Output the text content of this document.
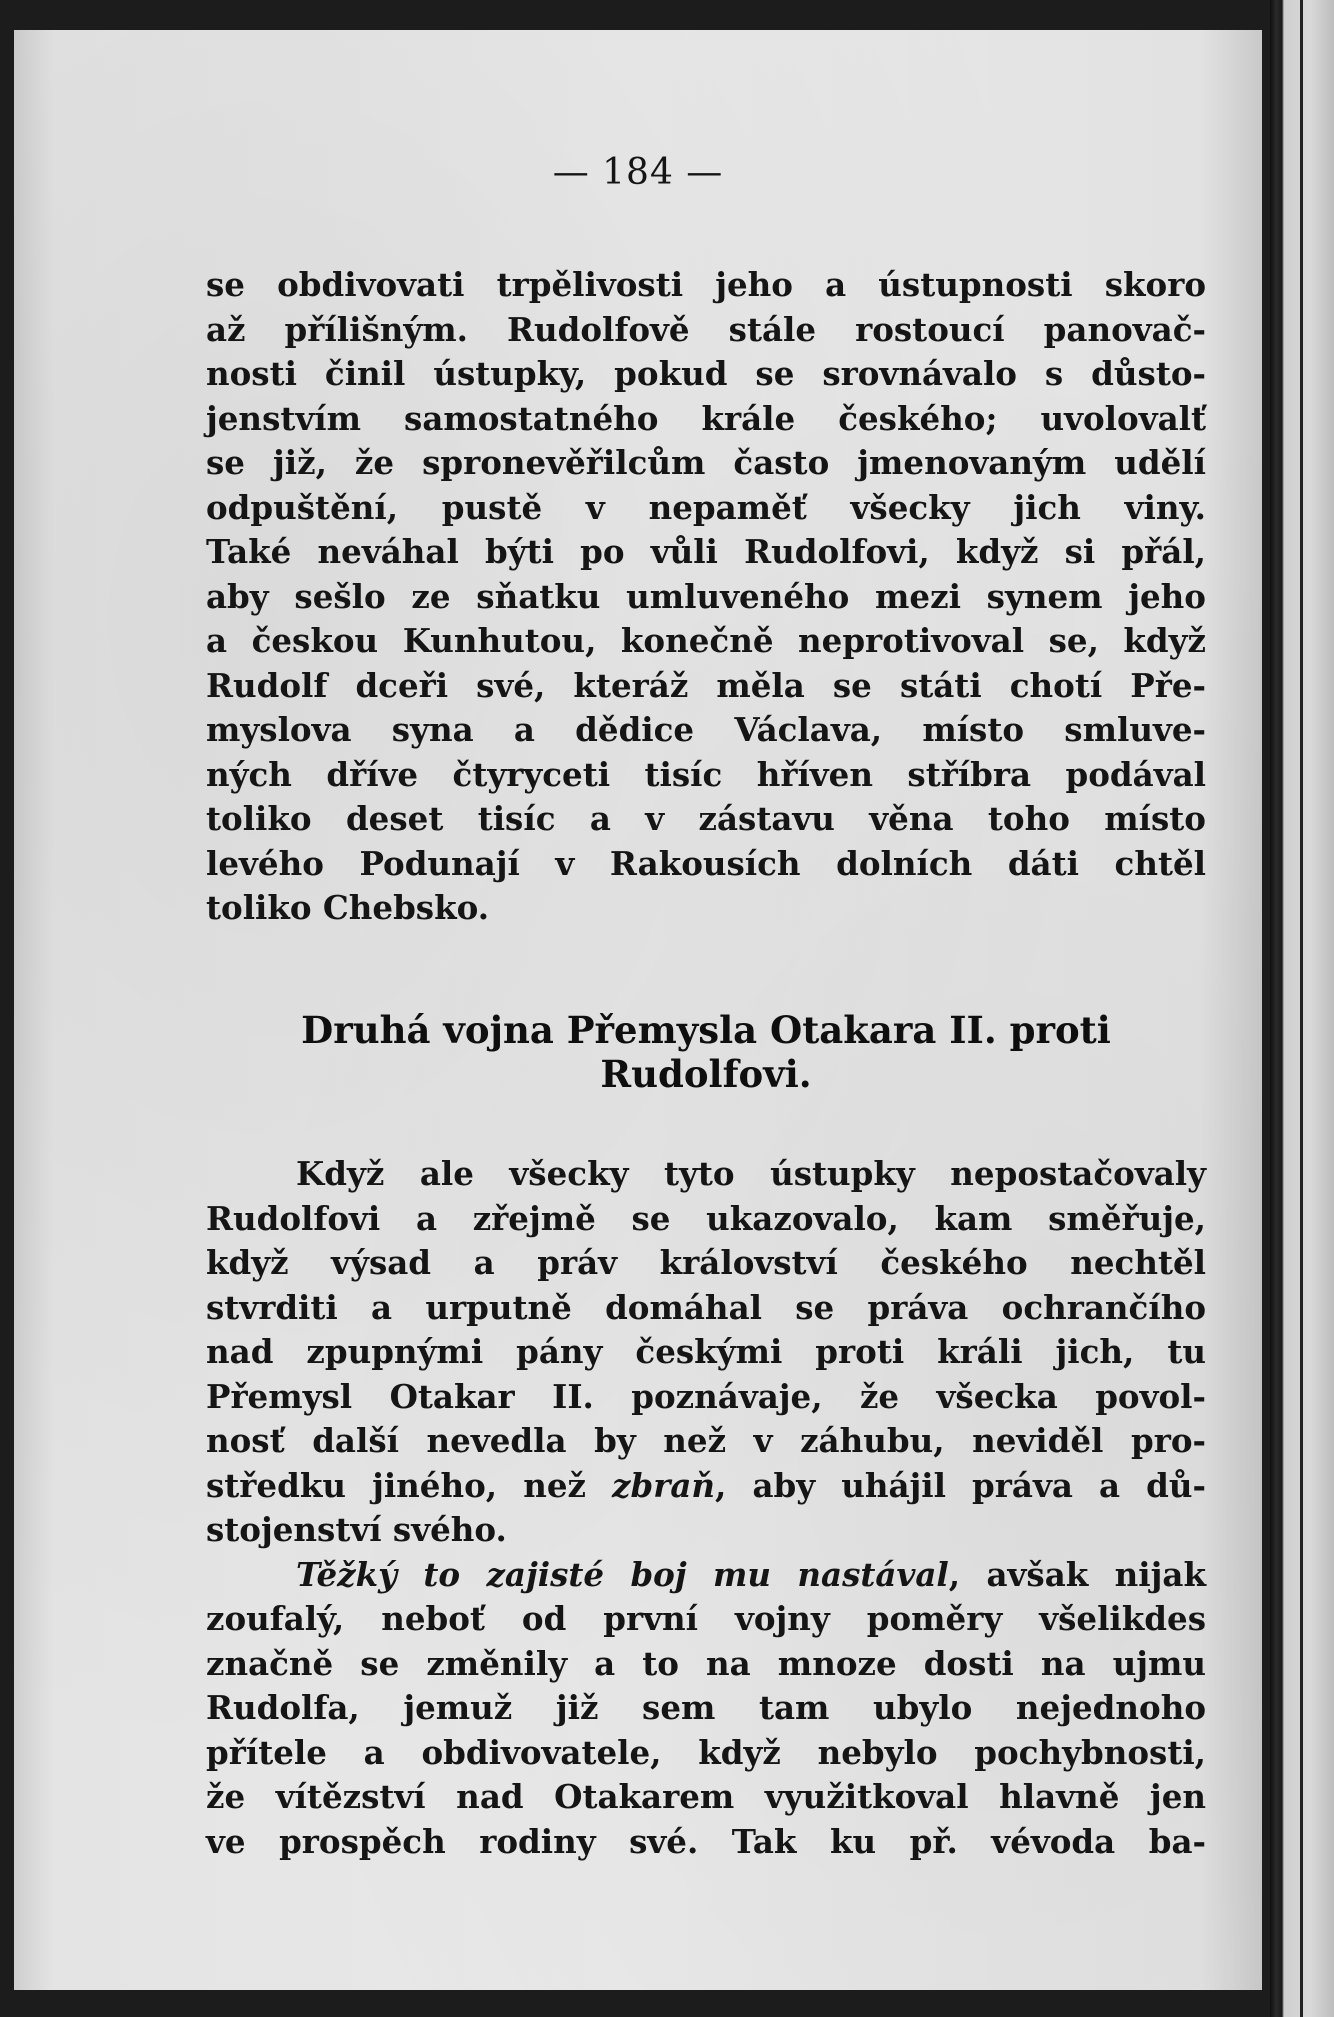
— 184 —
se obdivovati trpělivosti jeho a ústupnosti skoro
až přílišným. Rudolfově stále rostoucí panovač-
nosti činil ústupky, pokud se srovnávalo s důsto-
jenstvím samostatného krále českého; uvolovalť
se již, že spronevěřilcům často jmenovaným udělí
odpuštění, pustě v nepaměť všecky jich viny.
Také neváhal býti po vůli Rudolfovi, když si přál,
aby sešlo ze sňatku umluveného mezi synem jeho
a českou Kunhutou, konečně neprotivoval se, když
Rudolf dceři své, kteráž měla se státi chotí Pře-
myslova syna a dědice Václava, místo smluve-
ných dříve čtyryceti tisíc hříven stříbra podával
toliko deset tisíc a v zástavu věna toho místo
levého Podunají v Rakousích dolních dáti chtěl
toliko Chebsko.
Druhá vojna Přemysla Otakara II. proti
Rudolfovi.
Když ale všecky tyto ústupky nepostačovaly
Rudolfovi a zřejmě se ukazovalo, kam směřuje,
když výsad a práv království českého nechtěl
stvrditi a urputně domáhal se práva ochrančího
nad zpupnými pány českými proti králi jich, tu
Přemysl Otakar II. poznávaje, že všecka povol-
nosť další nevedla by než v záhubu, neviděl pro-
středku jiného, než zbraň, aby uhájil práva a dů-
stojenství svého.
Těžký to zajisté boj mu nastával, avšak nijak
zoufalý, neboť od první vojny poměry všelikdes
značně se změnily a to na mnoze dosti na ujmu
Rudolfa, jemuž již sem tam ubylo nejednoho
přítele a obdivovatele, když nebylo pochybnosti,
že vítězství nad Otakarem využitkoval hlavně jen
ve prospěch rodiny své. Tak ku př. vévoda ba-
